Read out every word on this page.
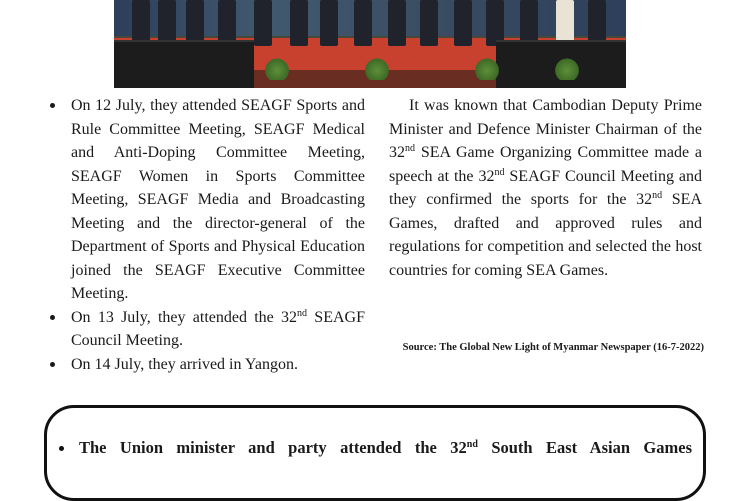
On 12 July, they attended SEAGF Sports and Rule Committee Meeting, SEAGF Medical and Anti-Doping Committee Meeting, SEAGF Women in Sports Committee Meeting, SEAGF Media and Broadcasting Meeting and the director-general of the Department of Sports and Physical Education joined the SEAGF Executive Committee Meeting.
On 13 July, they attended the 32nd SEAGF Council Meeting.
On 14 July, they arrived in Yangon.
It was known that Cambodian Deputy Prime Minister and Defence Minister Chairman of the 32nd SEA Game Organizing Committee made a speech at the 32nd SEAGF Council Meeting and they confirmed the sports for the 32nd SEA Games, drafted and approved rules and regulations for competition and selected the host countries for coming SEA Games.
Source: The Global New Light of Myanmar Newspaper (16-7-2022)
The Union minister and party attended the 32nd South East Asian Games
